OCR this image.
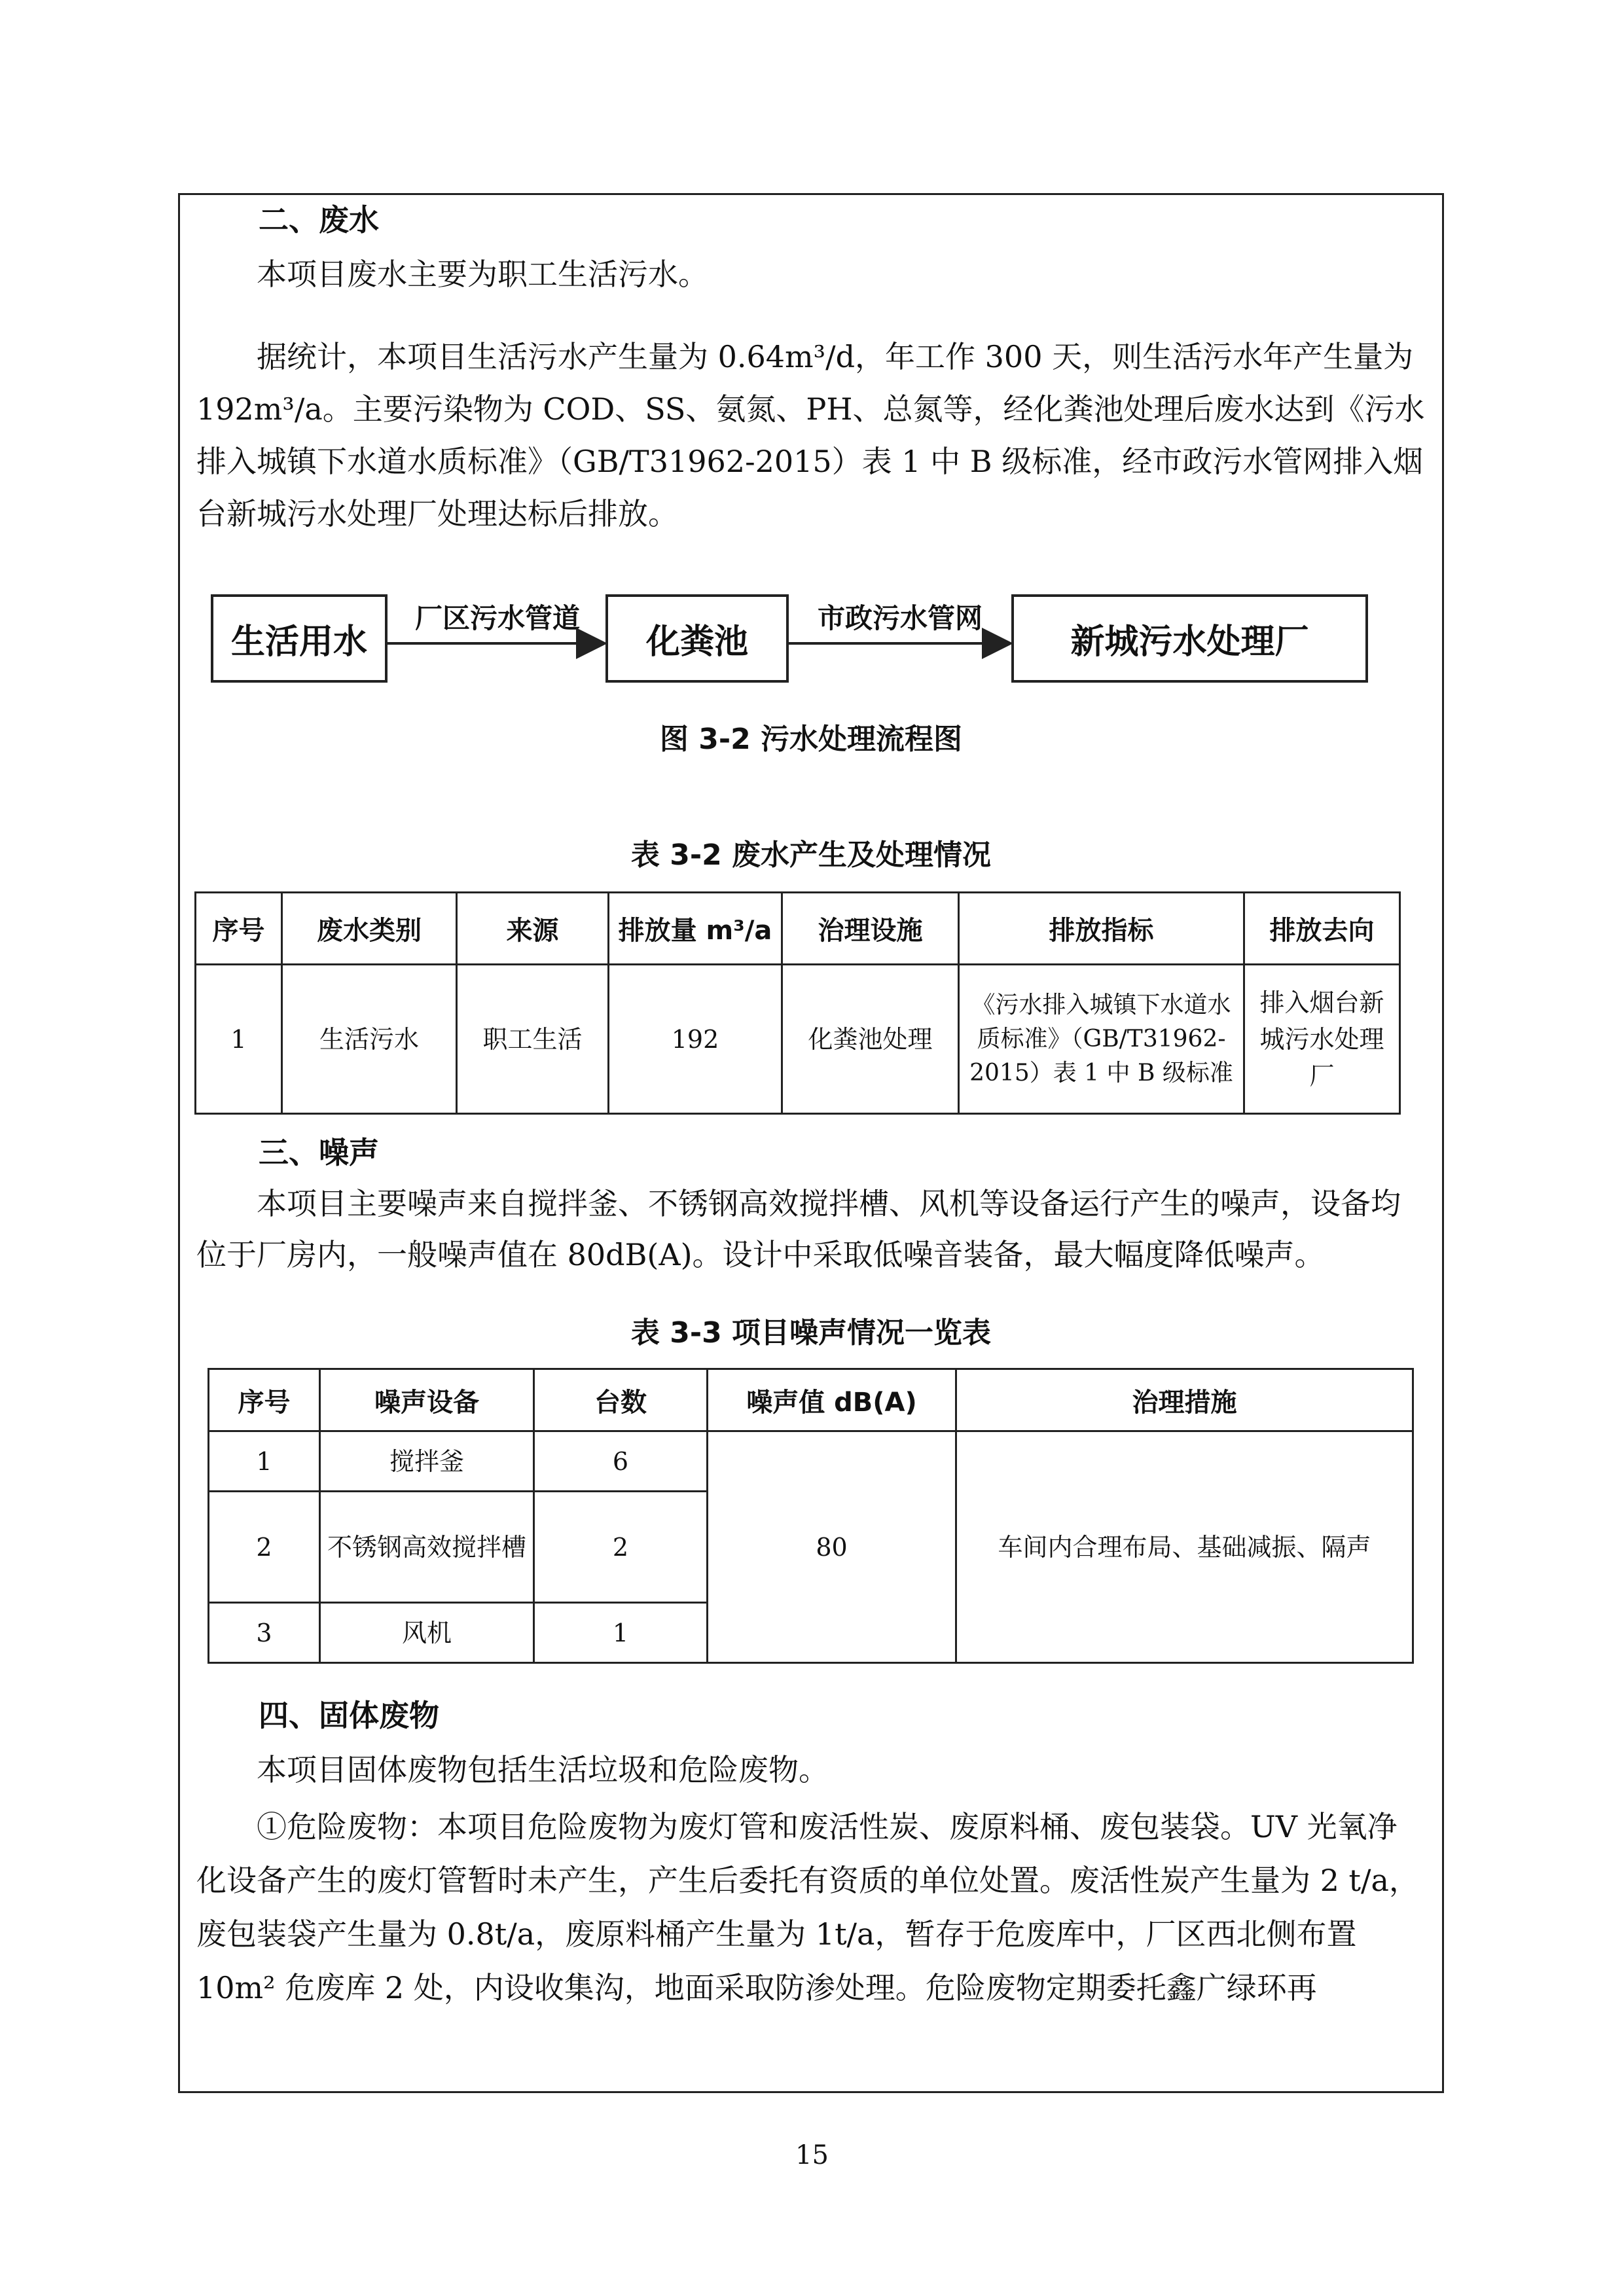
二、废水
本项目废水主要为职工生活污水。
据统计，本项目生活污水产生量为 0.64m³/d，年工作 300 天，则生活污水年产生量为 192m³/a。主要污染物为 COD、SS、氨氮、PH、总氮等，经化粪池处理后废水达到《污水排入城镇下水道水质标准》（GB/T31962-2015）表 1 中 B 级标准，经市政污水管网排入烟台新城污水处理厂处理达标后排放。
生活用水	化粪池	新城污水处理厂
厂区污水管道	市政污水管网
图 3-2 污水处理流程图
表 3-2 废水产生及处理情况
序号	废水类别	来源	排放量 m³/a	治理设施	排放指标	排放去向
1	生活污水	职工生活	192	化粪池处理	《污水排入城镇下水道水质标准》（GB/T31962-2015）表 1 中 B 级标准	排入烟台新城污水处理厂
三、噪声
本项目主要噪声来自搅拌釜、不锈钢高效搅拌槽、风机等设备运行产生的噪声，设备均位于厂房内，一般噪声值在 80dB(A)。设计中采取低噪音装备，最大幅度降低噪声。
表 3-3 项目噪声情况一览表
序号	噪声设备	台数	噪声值 dB(A)	治理措施
1	搅拌釜	6	80	车间内合理布局、基础减振、隔声
2	不锈钢高效搅拌槽	2		
3	风机	1		
四、固体废物
本项目固体废物包括生活垃圾和危险废物。
①危险废物：本项目危险废物为废灯管和废活性炭、废原料桶、废包装袋。UV 光氧净化设备产生的废灯管暂时未产生，产生后委托有资质的单位处置。废活性炭产生量为 2 t/a，废包装袋产生量为 0.8t/a，废原料桶产生量为 1t/a，暂存于危废库中，厂区西北侧布置 10m² 危废库 2 处，内设收集沟，地面采取防渗处理。危险废物定期委托鑫广绿环再
15
